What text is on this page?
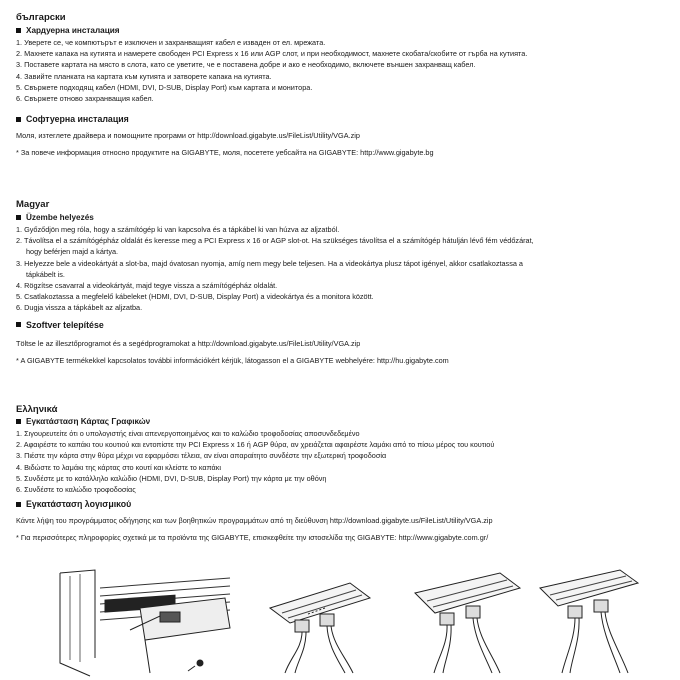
български

Хардуерна инсталация

1. Уверете се, че компютърът е изключен и захранващият кабел е изваден от ел. мрежата.
2. Махнете капака на кутията и намерете свободен PCI Express x 16 или AGP слот, и при необходимост, махнете скобата/скобите от гърба на кутията.
3. Поставете картата на място в слота, като се уветите, че е поставена добре и ако е необходимо, включете външен захранващ кабел.
4. Завийте планката на картата към кутията и затворете капака на кутията.
5. Свържете подходящ кабел (HDMI, DVI, D-SUB, Display Port) към картата и монитора.
6. Свържете отново захранващия кабел.

Софтуерна инсталация

Моля, изтеглете драйвера и помощните програми от http://download.gigabyte.us/FileList/Utility/VGA.zip

* За повече информация относно продуктите на GIGABYTE, моля, посетете уебсайта на GIGABYTE: http://www.gigabyte.bg

Magyar

Üzembe helyezés

1. Győződjön meg róla, hogy a számítógép ki van kapcsolva és a tápkábel ki van húzva az aljzatból.
2. Távolítsa el a számítógépház oldalát és keresse meg a PCI Express x 16 or AGP slot-ot. Ha szükséges távolítsa el a számítógép hátulján lévő fém védőzárat,
hogy beférjen majd a kártya.
3. Helyezze bele a videokártyát a slot-ba, majd óvatosan nyomja, amíg nem megy bele teljesen. Ha a videokártya plusz tápot igényel, akkor csatlakoztassa a
tápkábelt is.
4. Rögzítse csavarral a videokártyát, majd tegye vissza a számítógépház oldalát.
5. Csatlakoztassa a megfelelő kábeleket (HDMI, DVI, D-SUB, Display Port) a videokártya és a monitora között.
6. Dugja vissza a tápkábelt az aljzatba.

Szoftver telepítése

Töltse le az illesztőprogramot és a segédprogramokat a http://download.gigabyte.us/FileList/Utility/VGA.zip

* A GIGABYTE termékekkel kapcsolatos további információkért kérjük, látogasson el a GIGABYTE webhelyére: http://hu.gigabyte.com

Ελληνικά

Εγκατάσταση Κάρτας Γραφικών

1. Σιγουρευτείτε ότι ο υπολογιστής είναι απενεργοποιημένος και το καλώδιο τροφοδοσίας αποσυνδεδεμένο
2. Αφαιρέστε το καπάκι του κουτιού και εντοπίστε την PCI Express x 16 ή AGP θύρα, αν χρειάζεται αφαιρέστε λαμάκι από το πίσω μέρος του κουτιού
3. Πιέστε την κάρτα στην θύρα μέχρι να εφαρμόσει τέλεια, αν είναι απαραίτητο συνδέστε την εξωτερική τροφοδοσία
4. Βιδώστε το λαμάκι της κάρτας στο κουτί και κλείστε το καπάκι
5. Συνδέστε με το κατάλληλο καλώδιο (HDMI, DVI, D-SUB, Display Port) την κάρτα με την οθόνη
6. Συνδέστε το καλώδιο τροφοδοσίας

Εγκατάσταση λογισμικού

Κάντε λήψη του προγράμματος οδήγησης και των βοηθητικών προγραμμάτων από τη διεύθυνση http://download.gigabyte.us/FileList/Utility/VGA.zip

* Για περισσότερες πληροφορίες σχετικά με τα προϊόντα της GIGABYTE, επισκεφθείτε την ιστοσελίδα της GIGABYTE: http://www.gigabyte.com.gr/
